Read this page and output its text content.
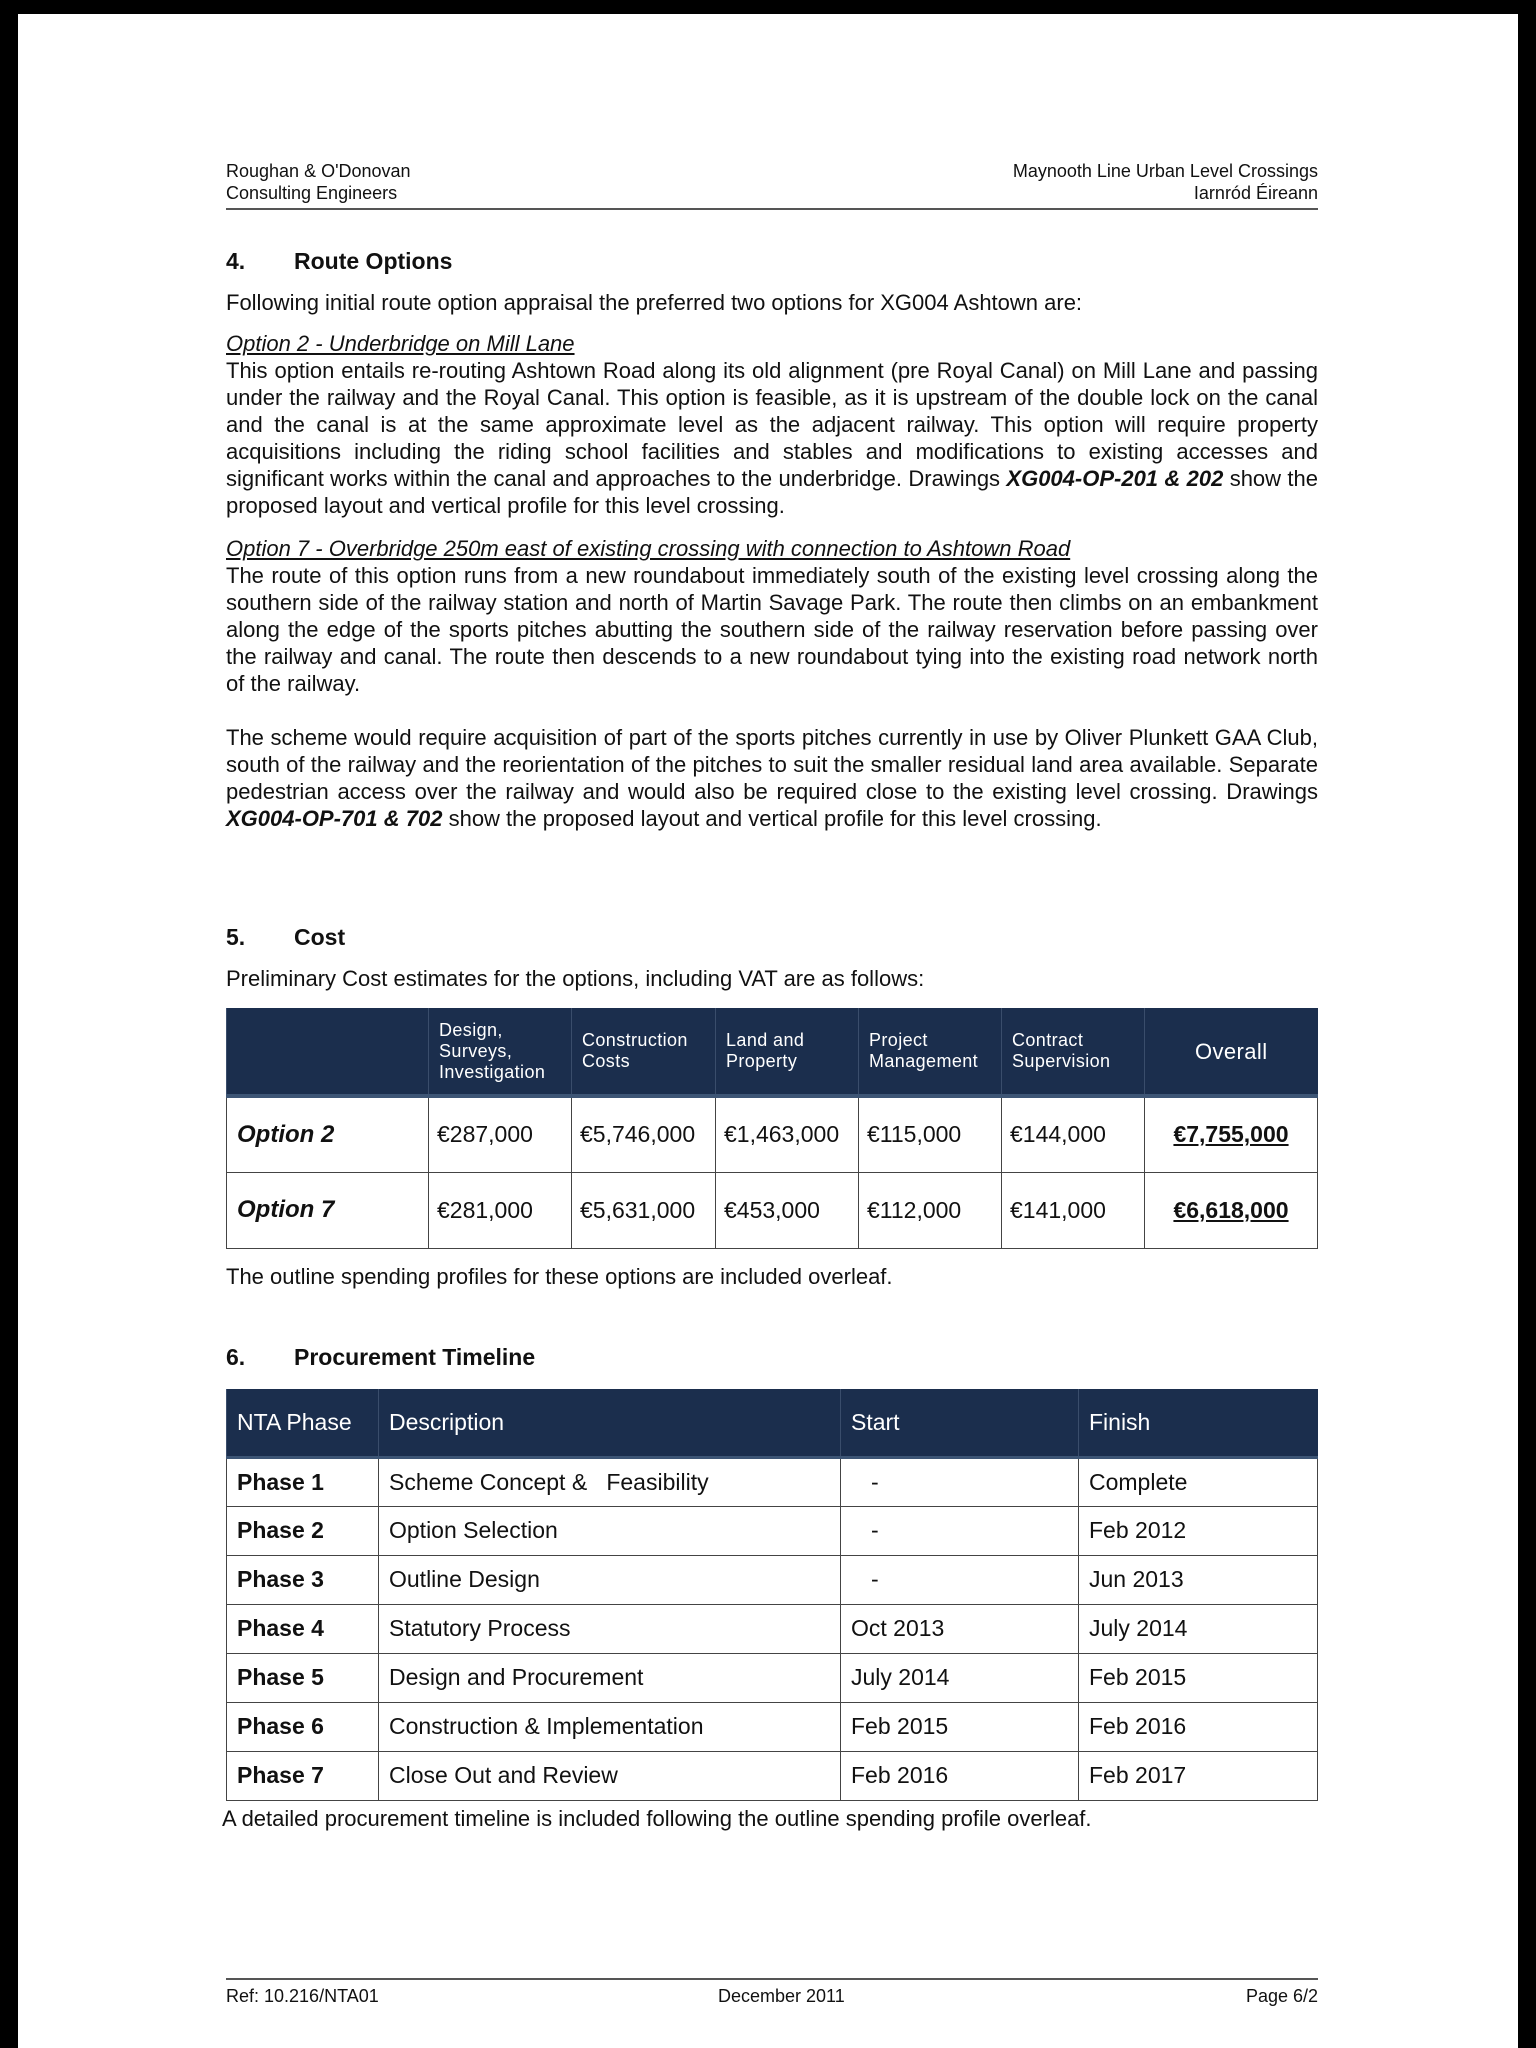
Roughan & O'Donovan
Consulting Engineers
Maynooth Line Urban Level Crossings
Iarnród Éireann
4.	Route Options
Following initial route option appraisal the preferred two options for XG004 Ashtown are:
Option 2 - Underbridge on Mill Lane
This option entails re-routing Ashtown Road along its old alignment (pre Royal Canal) on Mill Lane and passing under the railway and the Royal Canal. This option is feasible, as it is upstream of the double lock on the canal and the canal is at the same approximate level as the adjacent railway. This option will require property acquisitions including the riding school facilities and stables and modifications to existing accesses and significant works within the canal and approaches to the underbridge. Drawings XG004-OP-201 & 202 show the proposed layout and vertical profile for this level crossing.
Option 7 - Overbridge 250m east of existing crossing with connection to Ashtown Road
The route of this option runs from a new roundabout immediately south of the existing level crossing along the southern side of the railway station and north of Martin Savage Park. The route then climbs on an embankment along the edge of the sports pitches abutting the southern side of the railway reservation before passing over the railway and canal. The route then descends to a new roundabout tying into the existing road network north of the railway.
The scheme would require acquisition of part of the sports pitches currently in use by Oliver Plunkett GAA Club, south of the railway and the reorientation of the pitches to suit the smaller residual land area available. Separate pedestrian access over the railway and would also be required close to the existing level crossing. Drawings XG004-OP-701 & 702 show the proposed layout and vertical profile for this level crossing.
5.	Cost
Preliminary Cost estimates for the options, including VAT are as follows:
	Design, Surveys, Investigation	Construction Costs	Land and Property	Project Management	Contract Supervision	Overall
Option 2	€287,000	€5,746,000	€1,463,000	€115,000	€144,000	€7,755,000
Option 7	€281,000	€5,631,000	€453,000	€112,000	€141,000	€6,618,000
The outline spending profiles for these options are included overleaf.
6.	Procurement Timeline
NTA Phase	Description	Start	Finish
Phase 1	Scheme Concept &   Feasibility	-	Complete
Phase 2	Option Selection	-	Feb 2012
Phase 3	Outline Design	-	Jun 2013
Phase 4	Statutory Process	Oct 2013	July 2014
Phase 5	Design and Procurement	July 2014	Feb 2015
Phase 6	Construction & Implementation	Feb 2015	Feb 2016
Phase 7	Close Out and Review	Feb 2016	Feb 2017
A detailed procurement timeline is included following the outline spending profile overleaf.
Ref: 10.216/NTA01	December 2011	Page 6/2
